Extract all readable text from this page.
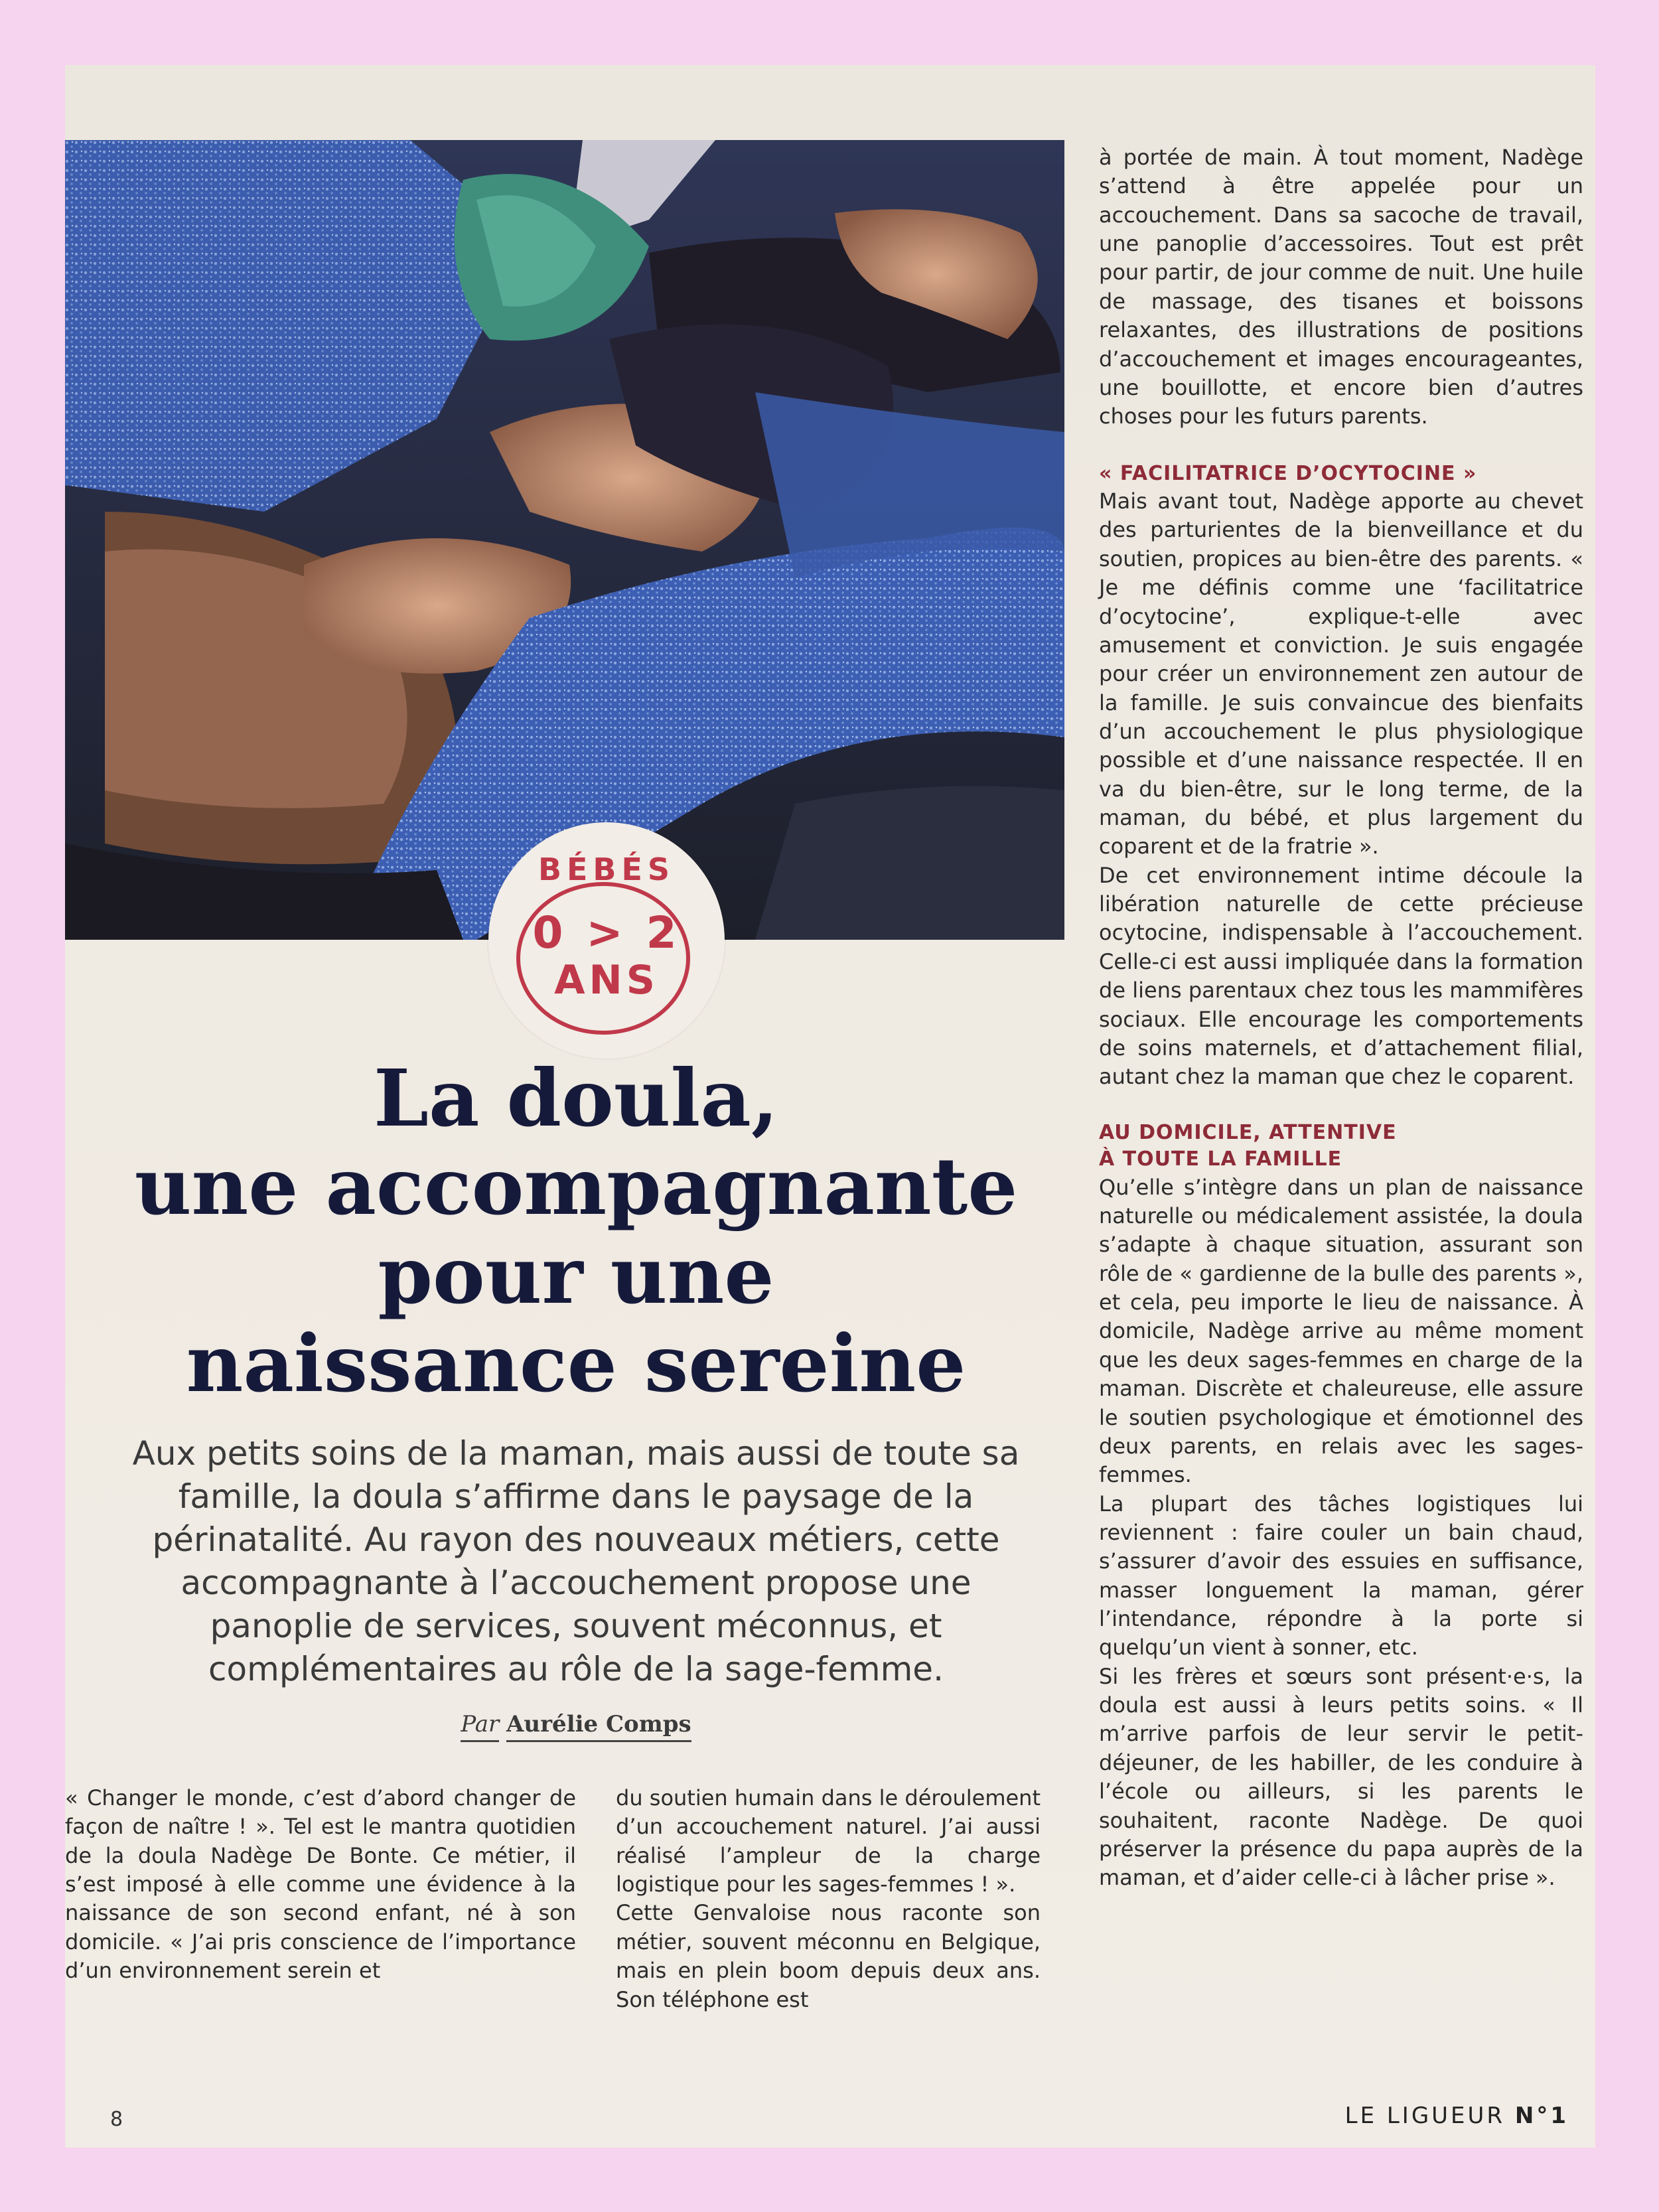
BÉBÉS
0 > 2
ANS
La doula,
une accompagnante
pour une
naissance sereine

Aux petits soins de la maman, mais aussi de toute sa famille, la doula s’affirme dans le paysage de la périnatalité. Au rayon des nouveaux métiers, cette accompagnante à l’accouchement propose une panoplie de services, souvent méconnus, et complémentaires au rôle de la sage-femme.

Par Aurélie Comps

« Changer le monde, c’est d’abord changer de façon de naître ! ». Tel est le mantra quotidien de la doula Nadège De Bonte. Ce métier, il s’est imposé à elle comme une évidence à la naissance de son second enfant, né à son domicile. « J’ai pris conscience de l’importance d’un environnement serein et

du soutien humain dans le déroulement d’un accouchement naturel. J’ai aussi réalisé l’ampleur de la charge logistique pour les sages-femmes ! ».

Cette Genvaloise nous raconte son métier, souvent méconnu en Belgique, mais en plein boom depuis deux ans. Son téléphone est

à portée de main. À tout moment, Nadège s’attend à être appelée pour un accouchement. Dans sa sacoche de travail, une panoplie d’accessoires. Tout est prêt pour partir, de jour comme de nuit. Une huile de massage, des tisanes et boissons relaxantes, des illustrations de positions d’accouchement et images encourageantes, une bouillotte, et encore bien d’autres choses pour les futurs parents.

« FACILITATRICE D’OCYTOCINE »

Mais avant tout, Nadège apporte au chevet des parturientes de la bienveillance et du soutien, propices au bien-être des parents. « Je me définis comme une ‘facilitatrice d’ocytocine’, explique-t-elle avec amusement et conviction. Je suis engagée pour créer un environnement zen autour de la famille. Je suis convaincue des bienfaits d’un accouchement le plus physiologique possible et d’une naissance respectée. Il en va du bien-être, sur le long terme, de la maman, du bébé, et plus largement du coparent et de la fratrie ».

De cet environnement intime découle la libération naturelle de cette précieuse ocytocine, indispensable à l’accouchement. Celle-ci est aussi impliquée dans la formation de liens parentaux chez tous les mammifères sociaux. Elle encourage les comportements de soins maternels, et d’attachement filial, autant chez la maman que chez le coparent.

AU DOMICILE, ATTENTIVE
À TOUTE LA FAMILLE

Qu’elle s’intègre dans un plan de naissance naturelle ou médicalement assistée, la doula s’adapte à chaque situation, assurant son rôle de « gardienne de la bulle des parents », et cela, peu importe le lieu de naissance. À domicile, Nadège arrive au même moment que les deux sages-femmes en charge de la maman. Discrète et chaleureuse, elle assure le soutien psychologique et émotionnel des deux parents, en relais avec les sages-femmes.

La plupart des tâches logistiques lui reviennent : faire couler un bain chaud, s’assurer d’avoir des essuies en suffisance, masser longuement la maman, gérer l’intendance, répondre à la porte si quelqu’un vient à sonner, etc.

Si les frères et sœurs sont présent·e·s, la doula est aussi à leurs petits soins. « Il m’arrive parfois de leur servir le petit-déjeuner, de les habiller, de les conduire à l’école ou ailleurs, si les parents le souhaitent, raconte Nadège. De quoi préserver la présence du papa auprès de la maman, et d’aider celle-ci à lâcher prise ».

8	LE LIGUEUR N°1
